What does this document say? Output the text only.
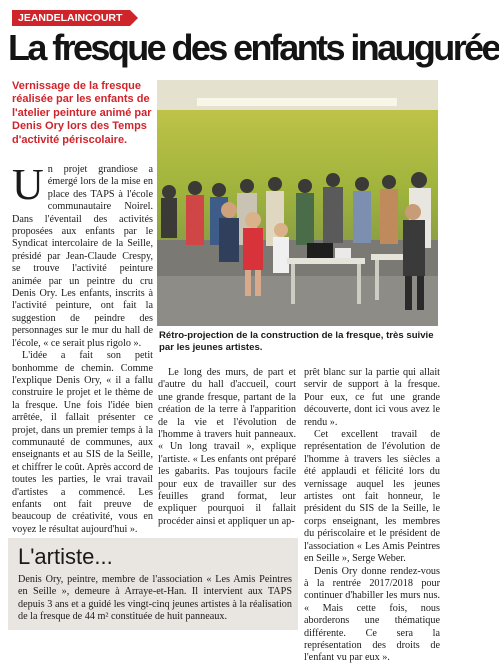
JEANDELAINCOURT
La fresque des enfants inaugurée
Vernissage de la fresque réalisée par les enfants de l'atelier peinture animé par Denis Ory lors des Temps d'activité périscolaire.
U n projet grandiose a émergé lors de la mise en place des TAPS à l'école communautaire Noirel. Dans l'éventail des activités proposées aux enfants par le Syndicat intercolaire de la Seille, présidé par Jean-Claude Crespy, se trouve l'activité peinture animée par un peintre du cru Denis Ory. Les enfants, inscrits à l'activité peinture, ont fait la suggestion de peindre des personnages sur le mur du hall de l'école, « ce serait plus rigolo ».

L'idée a fait son petit bonhomme de chemin. Comme l'explique Denis Ory, « il a fallu construire le projet et le thème de la fresque. Une fois l'idée bien arrêtée, il fallait présenter ce projet, dans un premier temps à la communauté de communes, aux enseignants et au SIS de la Seille, et chiffrer le coût. Après accord de toutes les parties, le vrai travail d'artistes a commencé. Les enfants ont fait preuve de beaucoup de créativité, vous en voyez le résultat aujourd'hui ».

Rétro-projection de la construction de la fresque, très suivie par les jeunes artistes.

Le long des murs, de part et d'autre du hall d'accueil, court une grande fresque, partant de la création de la terre à l'apparition de la vie et l'évolution de l'homme à travers huit panneaux. « Un long travail », explique l'artiste. « Les enfants ont préparé les gabarits. Pas toujours facile pour eux de travailler sur des feuilles grand format, leur expliquer pourquoi il fallait procéder ainsi et appliquer un ap-

prêt blanc sur la partie qui allait servir de support à la fresque. Pour eux, ce fut une grande découverte, dont ici vous avez le rendu ».

Cet excellent travail de représentation de l'évolution de l'homme à travers les siècles a été applaudi et félicité lors du vernissage auquel les jeunes artistes ont fait honneur, le président du SIS de la Seille, le corps enseignant, les membres du périscolaire et le président de l'association « Les Amis Peintres en Seille », Serge Weber.

Denis Ory donne rendez-vous à la rentrée 2017/2018 pour continuer d'habiller les murs nus. « Mais cette fois, nous aborderons une thématique différente. Ce sera la représentation des droits de l'enfant vu par eux ».

L'artiste...
Denis Ory, peintre, membre de l'association « Les Amis Peintres en Seille », demeure à Arraye-et-Han. Il intervient aux TAPS depuis 3 ans et a guidé les vingt-cinq jeunes artistes à la réalisation de la fresque de 44 m² constituée de huit panneaux.
